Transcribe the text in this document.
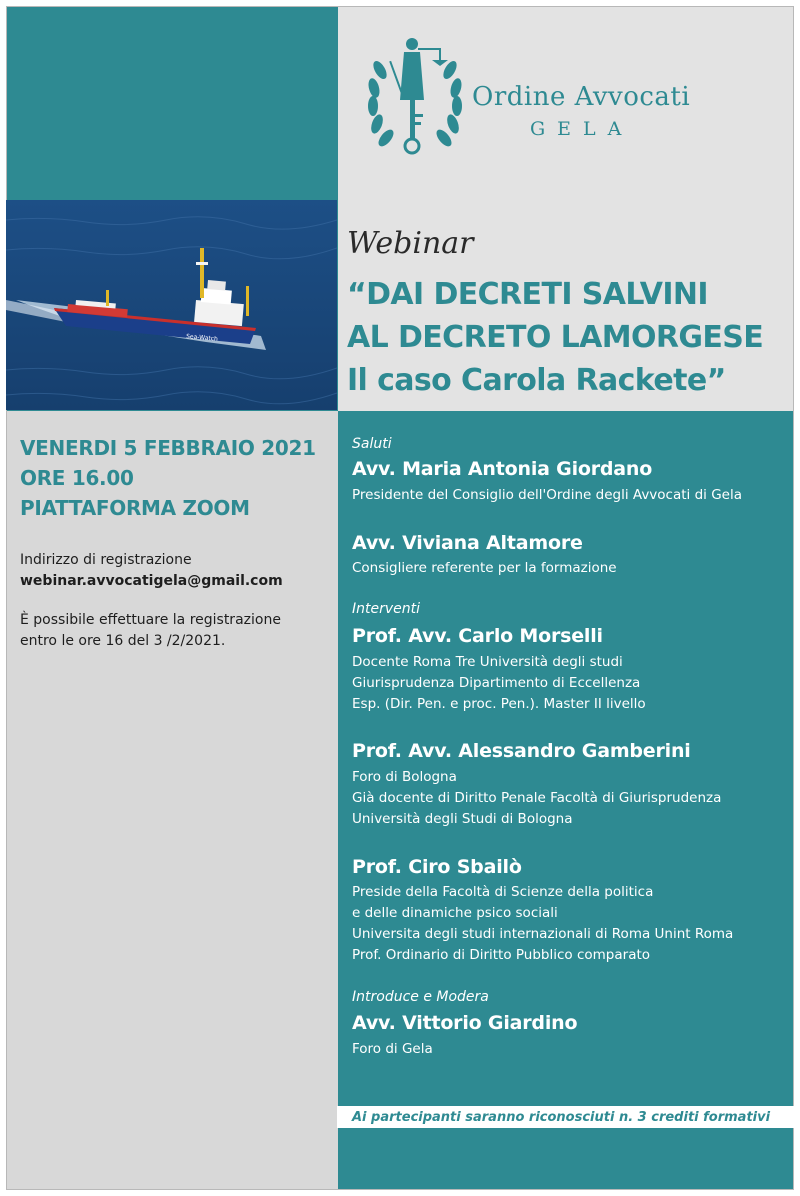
Sea-Watch
Ordine Avvocati
GELA
Webinar
“DAI DECRETI SALVINI
AL DECRETO LAMORGESE
Il caso Carola Rackete”
VENERDI 5 FEBBRAIO 2021
ORE 16.00
PIATTAFORMA ZOOM
Indirizzo di registrazione
webinar.avvocatigela@gmail.com
È possibile effettuare la registrazione
entro le ore 16 del 3 /2/2021.
Saluti
Avv. Maria Antonia Giordano
Presidente del Consiglio dell'Ordine degli Avvocati di Gela
Avv. Viviana Altamore
Consigliere referente per la formazione
Interventi
Prof. Avv. Carlo Morselli
Docente Roma Tre Università degli studi
Giurisprudenza Dipartimento di Eccellenza
Esp. (Dir. Pen. e proc. Pen.). Master II livello
Prof. Avv. Alessandro Gamberini
Foro di Bologna
Già docente di Diritto Penale Facoltà di Giurisprudenza
Università degli Studi di Bologna
Prof. Ciro Sbailò
Preside della Facoltà di Scienze della politica
e delle dinamiche psico sociali
Universita degli studi internazionali di Roma Unint Roma
Prof. Ordinario di Diritto Pubblico comparato
Introduce e Modera
Avv. Vittorio Giardino
Foro di Gela
Ai partecipanti saranno riconosciuti n. 3 crediti formativi
